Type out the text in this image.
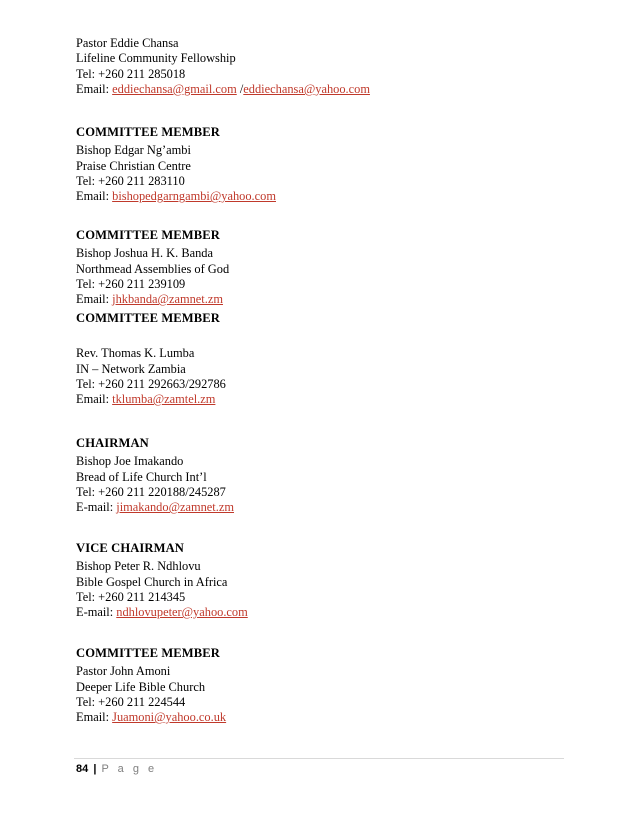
Pastor Eddie Chansa
Lifeline Community Fellowship
Tel: +260 211 285018
Email: eddiechansa@gmail.com /eddiechansa@yahoo.com
COMMITTEE MEMBER
Bishop Edgar Ng’ambi
Praise Christian Centre
Tel: +260 211 283110
Email: bishopedgarngambi@yahoo.com
COMMITTEE MEMBER
Bishop Joshua H. K. Banda
Northmead Assemblies of God
Tel: +260 211 239109
Email: jhkbanda@zamnet.zm
COMMITTEE MEMBER
Rev. Thomas K. Lumba
IN – Network Zambia
Tel: +260 211 292663/292786
Email: tklumba@zamtel.zm
CHAIRMAN
Bishop Joe Imakando
Bread of Life Church Int’l
Tel: +260 211 220188/245287
E-mail: jimakando@zamnet.zm
VICE CHAIRMAN
Bishop Peter R. Ndhlovu
Bible Gospel Church in Africa
Tel: +260 211 214345
E-mail: ndhlovupeter@yahoo.com
COMMITTEE MEMBER
Pastor John Amoni
Deeper Life Bible Church
Tel: +260 211 224544
Email: Juamoni@yahoo.co.uk
84 | P a g e
